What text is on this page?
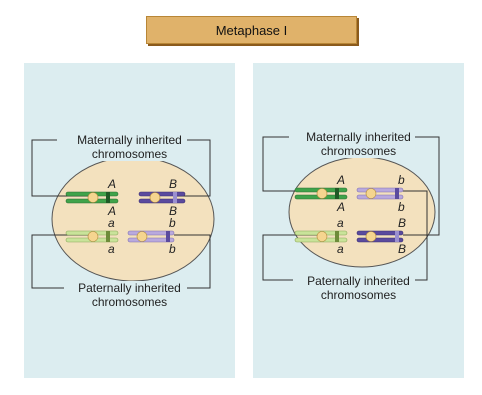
Metaphase I
Maternally inherited
chromosomes
Paternally inherited
chromosomes
A
A
a
a
B
B
b
b
Maternally inherited
chromosomes
Paternally inherited
chromosomes
A
A
a
a
b
b
B
B
